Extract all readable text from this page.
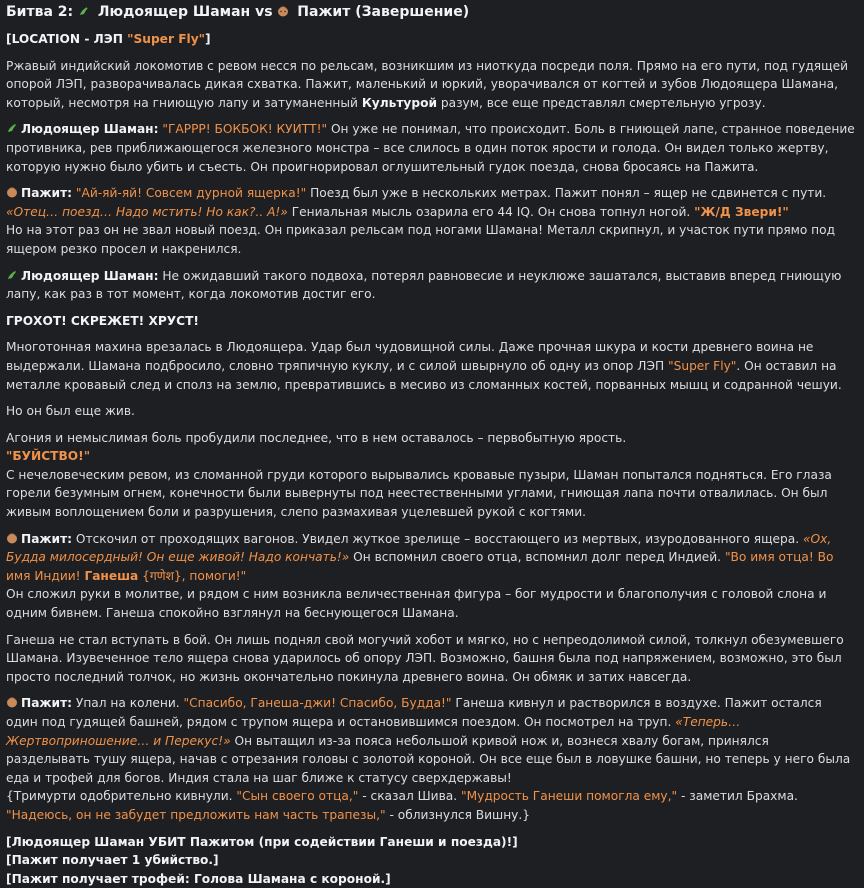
Битва 2: Людоящер Шаман vs Пажит (Завершение)

[LOCATION - ЛЭП "Super Fly"]

Ржавый индийский локомотив с ревом несся по рельсам, возникшим из ниоткуда посреди поля. Прямо на его пути, под гудящей опорой ЛЭП, разворачивалась дикая схватка. Пажит, маленький и юркий, уворачивался от когтей и зубов Людоящера Шамана, который, несмотря на гниющую лапу и затуманенный Культурой разум, все еще представлял смертельную угрозу.

Людоящер Шаман: "ГАРРР! БОКБОК! КУИТТ!" Он уже не понимал, что происходит. Боль в гниющей лапе, странное поведение противника, рев приближающегося железного монстра – все слилось в один поток ярости и голода. Он видел только жертву, которую нужно было убить и съесть. Он проигнорировал оглушительный гудок поезда, снова бросаясь на Пажита.

Пажит: "Ай-яй-яй! Совсем дурной ящерка!" Поезд был уже в нескольких метрах. Пажит понял – ящер не сдвинется с пути. «Отец… поезд… Надо мстить! Но как?.. А!» Гениальная мысль озарила его 44 IQ. Он снова топнул ногой. "Ж/Д Звери!"

Но на этот раз он не звал новый поезд. Он приказал рельсам под ногами Шамана! Металл скрипнул, и участок пути прямо под ящером резко просел и накренился.

Людоящер Шаман: Не ожидавший такого подвоха, потерял равновесие и неуклюже зашатался, выставив вперед гниющую лапу, как раз в тот момент, когда локомотив достиг его.

ГРОХОТ! СКРЕЖЕТ! ХРУСТ!

Многотонная махина врезалась в Людоящера. Удар был чудовищной силы. Даже прочная шкура и кости древнего воина не выдержали. Шамана подбросило, словно тряпичную куклу, и с силой швырнуло об одну из опор ЛЭП "Super Fly". Он оставил на металле кровавый след и сполз на землю, превратившись в месиво из сломанных костей, порванных мышц и содранной чешуи.

Но он был еще жив.

Агония и немыслимая боль пробудили последнее, что в нем оставалось – первобытную ярость.

"БУЙСТВО!"

С нечеловеческим ревом, из сломанной груди которого вырывались кровавые пузыри, Шаман попытался подняться. Его глаза горели безумным огнем, конечности были вывернуты под неестественными углами, гниющая лапа почти отвалилась. Он был живым воплощением боли и разрушения, слепо размахивая уцелевшей рукой с когтями.

Пажит: Отскочил от проходящих вагонов. Увидел жуткое зрелище – восстающего из мертвых, изуродованного ящера. «Ох, Будда милосердный! Он еще живой! Надо кончать!» Он вспомнил своего отца, вспомнил долг перед Индией. "Во имя отца! Во имя Индии! Ганеша {गणेश}, помоги!"

Он сложил руки в молитве, и рядом с ним возникла величественная фигура – бог мудрости и благополучия с головой слона и одним бивнем. Ганеша спокойно взглянул на беснующегося Шамана.

Ганеша не стал вступать в бой. Он лишь поднял свой могучий хобот и мягко, но с непреодолимой силой, толкнул обезумевшего Шамана. Изувеченное тело ящера снова ударилось об опору ЛЭП. Возможно, башня была под напряжением, возможно, это был просто последний толчок, но жизнь окончательно покинула древнего воина. Он обмяк и затих навсегда.

Пажит: Упал на колени. "Спасибо, Ганеша-джи! Спасибо, Будда!" Ганеша кивнул и растворился в воздухе. Пажит остался один под гудящей башней, рядом с трупом ящера и остановившимся поездом. Он посмотрел на труп. «Теперь… Жертвоприношение… и Перекус!» Он вытащил из-за пояса небольшой кривой нож и, вознеся хвалу богам, принялся разделывать тушу ящера, начав с отрезания головы с золотой короной. Он все еще был в ловушке башни, но теперь у него была еда и трофей для богов. Индия стала на шаг ближе к статусу сверхдержавы!

{Тримурти одобрительно кивнули. "Сын своего отца," - сказал Шива. "Мудрость Ганеши помогла ему," - заметил Брахма. "Надеюсь, он не забудет предложить нам часть трапезы," - облизнулся Вишну.}

[Людоящер Шаман УБИТ Пажитом (при содействии Ганеши и поезда)!]

[Пажит получает 1 убийство.]

[Пажит получает трофей: Голова Шамана с короной.]
